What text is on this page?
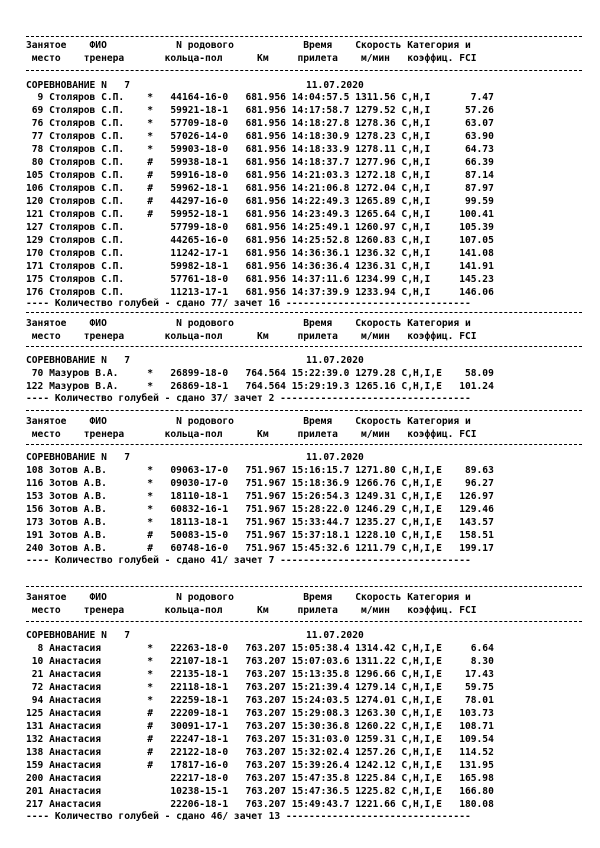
Занятое    ФИО            N родового            Время    Скорость Категория и
место    тренера       кольца-пол      Км     прилета    м/мин   коэффиц. FCI
СОРЕВНОВАНИЕ N   7	11.07.2020
9 Столяров С.П.    *   44164-16-0   681.956 14:04:57.5 1311.56 C,H,I       7.47
69 Столяров С.П.    *   59921-18-1   681.956 14:17:58.7 1279.52 C,H,I      57.26
76 Столяров С.П.    *   57709-18-0   681.956 14:18:27.8 1278.36 C,H,I      63.07
77 Столяров С.П.    *   57026-14-0   681.956 14:18:30.9 1278.23 C,H,I      63.90
78 Столяров С.П.    *   59903-18-0   681.956 14:18:33.9 1278.11 C,H,I      64.73
80 Столяров С.П.    #   59938-18-1   681.956 14:18:37.7 1277.96 C,H,I      66.39
105 Столяров С.П.    #   59916-18-0   681.956 14:21:03.3 1272.18 C,H,I      87.14
106 Столяров С.П.    #   59962-18-1   681.956 14:21:06.8 1272.04 C,H,I      87.97
120 Столяров С.П.    #   44297-16-0   681.956 14:22:49.3 1265.89 C,H,I      99.59
121 Столяров С.П.    #   59952-18-1   681.956 14:23:49.3 1265.64 C,H,I     100.41
127 Столяров С.П.        57799-18-0   681.956 14:25:49.1 1260.97 C,H,I     105.39
129 Столяров С.П.        44265-16-0   681.956 14:25:52.8 1260.83 C,H,I     107.05
170 Столяров С.П.        11242-17-1   681.956 14:36:36.1 1236.32 C,H,I     141.08
171 Столяров С.П.        59982-18-1   681.956 14:36:36.4 1236.31 C,H,I     141.91
175 Столяров С.П.        57761-18-0   681.956 14:37:11.6 1234.99 C,H,I     145.23
176 Столяров С.П.        11213-17-1   681.956 14:37:39.9 1233.94 C,H,I     146.06
---- Количество голубей - сдано 77/ зачет 16 --------------------------------
Занятое    ФИО            N родового            Время    Скорость Категория и
место    тренера       кольца-пол      Км     прилета    м/мин   коэффиц. FCI
СОРЕВНОВАНИЕ N   7	11.07.2020
70 Мазуров В.А.     *   26899-18-0   764.564 15:22:39.0 1279.28 C,H,I,E    58.09
122 Мазуров В.А.     *   26869-18-1   764.564 15:29:19.3 1265.16 C,H,I,E   101.24
---- Количество голубей - сдано 37/ зачет 2 ---------------------------------
Занятое    ФИО            N родового            Время    Скорость Категория и
место    тренера       кольца-пол      Км     прилета    м/мин   коэффиц. FCI
СОРЕВНОВАНИЕ N   7	11.07.2020
108 Зотов А.В.       *   09063-17-0   751.967 15:16:15.7 1271.80 C,H,I,E    89.63
116 Зотов А.В.       *   09030-17-0   751.967 15:18:36.9 1266.76 C,H,I,E    96.27
153 Зотов А.В.       *   18110-18-1   751.967 15:26:54.3 1249.31 C,H,I,E   126.97
156 Зотов А.В.       *   60832-16-1   751.967 15:28:22.0 1246.29 C,H,I,E   129.46
173 Зотов А.В.       *   18113-18-1   751.967 15:33:44.7 1235.27 C,H,I,E   143.57
191 Зотов А.В.       #   50083-15-0   751.967 15:37:18.1 1228.10 C,H,I,E   158.51
240 Зотов А.В.       #   60748-16-0   751.967 15:45:32.6 1211.79 C,H,I,E   199.17
---- Количество голубей - сдано 41/ зачет 7 ---------------------------------
Занятое    ФИО            N родового            Время    Скорость Категория и
место    тренера       кольца-пол      Км     прилета    м/мин   коэффиц. FCI
СОРЕВНОВАНИЕ N   7	11.07.2020
8 Анастасия        *   22263-18-0   763.207 15:05:38.4 1314.42 C,H,I,E     6.64
10 Анастасия        *   22107-18-1   763.207 15:07:03.6 1311.22 C,H,I,E     8.30
21 Анастасия        *   22135-18-1   763.207 15:13:35.8 1296.66 C,H,I,E    17.43
72 Анастасия        *   22118-18-1   763.207 15:21:39.4 1279.14 C,H,I,E    59.75
94 Анастасия        *   22259-18-1   763.207 15:24:03.5 1274.01 C,H,I,E    78.01
125 Анастасия        #   22209-18-1   763.207 15:29:08.3 1263.30 C,H,I,E   103.73
131 Анастасия        #   30091-17-1   763.207 15:30:36.8 1260.22 C,H,I,E   108.71
132 Анастасия        #   22247-18-1   763.207 15:31:03.0 1259.31 C,H,I,E   109.54
138 Анастасия        #   22122-18-0   763.207 15:32:02.4 1257.26 C,H,I,E   114.52
159 Анастасия        #   17817-16-0   763.207 15:39:26.4 1242.12 C,H,I,E   131.95
200 Анастасия            22217-18-0   763.207 15:47:35.8 1225.84 C,H,I,E   165.98
201 Анастасия            10238-15-1   763.207 15:47:36.5 1225.82 C,H,I,E   166.80
217 Анастасия            22206-18-1   763.207 15:49:43.7 1221.66 C,H,I,E   180.08
---- Количество голубей - сдано 46/ зачет 13 --------------------------------
